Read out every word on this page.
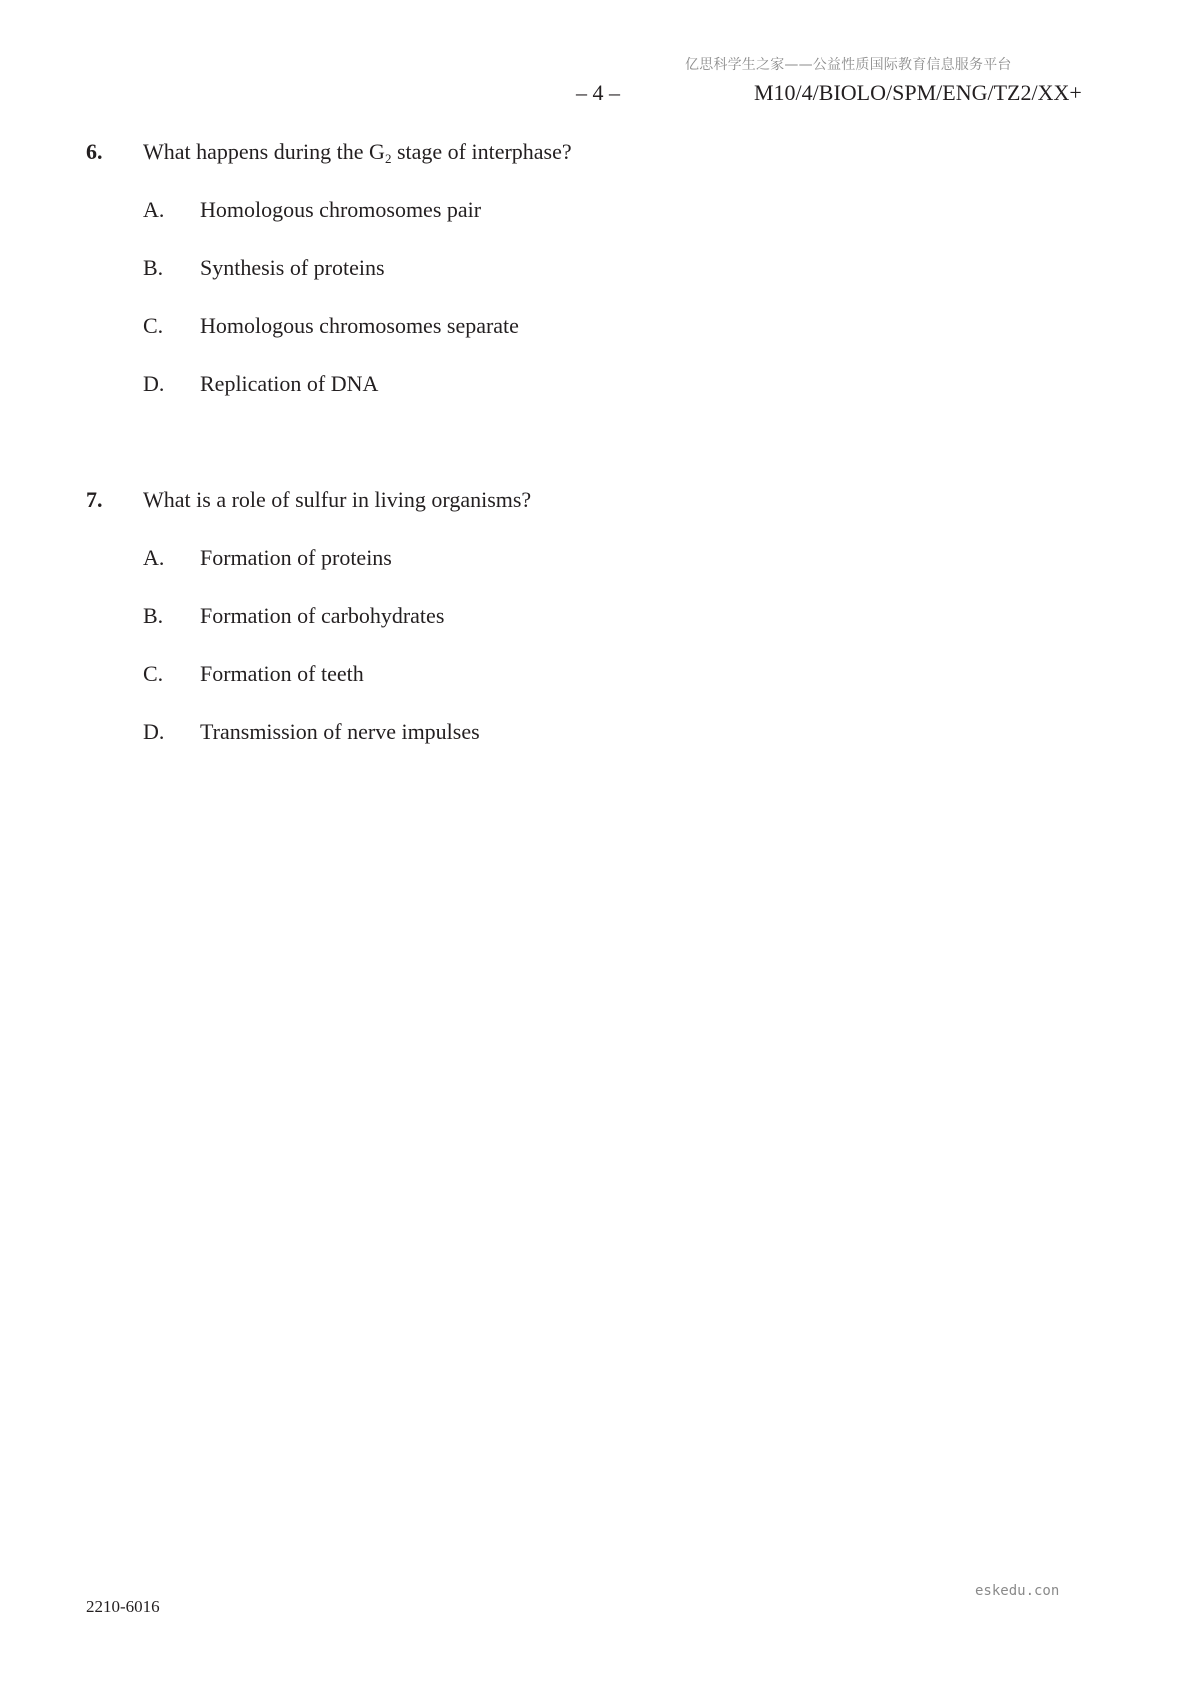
亿思科学生之家——公益性质国际教育信息服务平台
– 4 –	M10/4/BIOLO/SPM/ENG/TZ2/XX+
6. What happens during the $G_2$ stage of interphase?
A. Homologous chromosomes pair
B. Synthesis of proteins
C. Homologous chromosomes separate
D. Replication of DNA
7. What is a role of sulfur in living organisms?
A. Formation of proteins
B. Formation of carbohydrates
C. Formation of teeth
D. Transmission of nerve impulses
2210-6016
eskedu.con
